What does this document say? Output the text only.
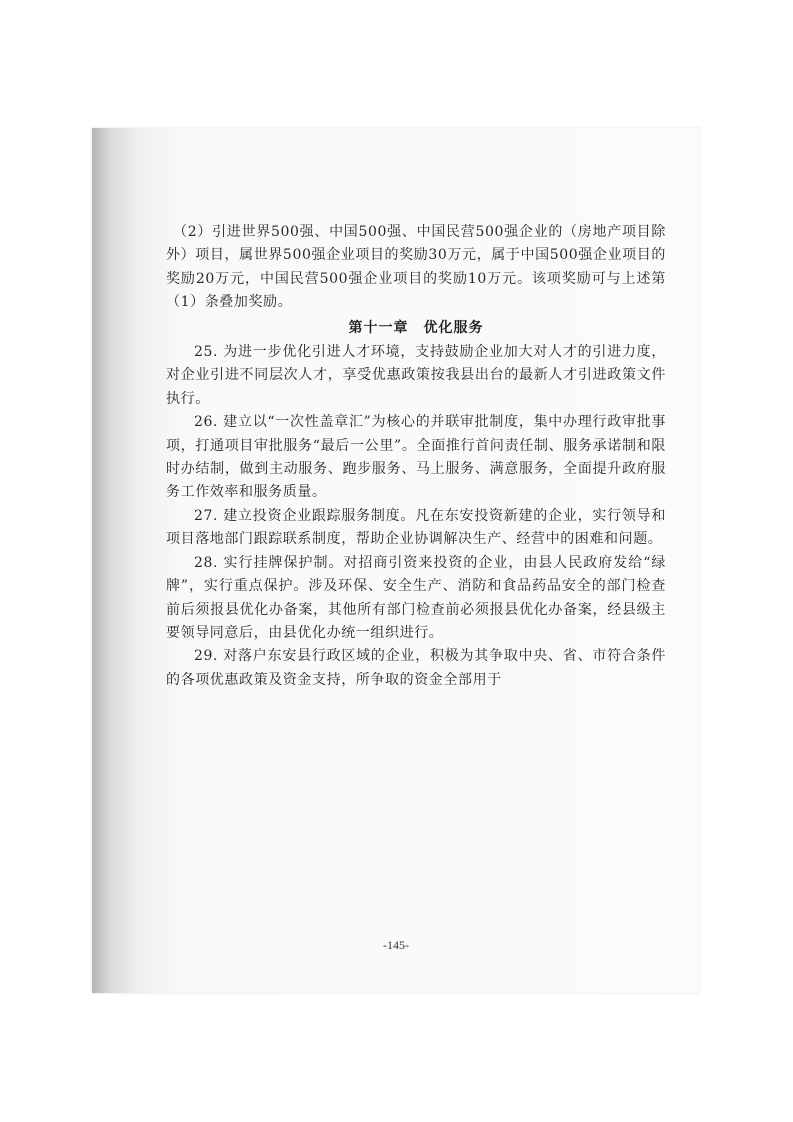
（2）引进世界500强、中国500强、中国民营500强企业的（房地产项目除外）项目，属世界500强企业项目的奖励30万元，属于中国500强企业项目的奖励20万元，中国民营500强企业项目的奖励10万元。该项奖励可与上述第（1）条叠加奖励。

第十一章　优化服务

25. 为进一步优化引进人才环境，支持鼓励企业加大对人才的引进力度，对企业引进不同层次人才，享受优惠政策按我县出台的最新人才引进政策文件执行。

26. 建立以“一次性盖章汇”为核心的并联审批制度，集中办理行政审批事项，打通项目审批服务“最后一公里”。全面推行首问责任制、服务承诺制和限时办结制，做到主动服务、跑步服务、马上服务、满意服务，全面提升政府服务工作效率和服务质量。

27. 建立投资企业跟踪服务制度。凡在东安投资新建的企业，实行领导和项目落地部门跟踪联系制度，帮助企业协调解决生产、经营中的困难和问题。

28. 实行挂牌保护制。对招商引资来投资的企业，由县人民政府发给“绿牌”，实行重点保护。涉及环保、安全生产、消防和食品药品安全的部门检查前后须报县优化办备案，其他所有部门检查前必须报县优化办备案，经县级主要领导同意后，由县优化办统一组织进行。

29. 对落户东安县行政区域的企业，积极为其争取中央、省、市符合条件的各项优惠政策及资金支持，所争取的资金全部用于

-145-
